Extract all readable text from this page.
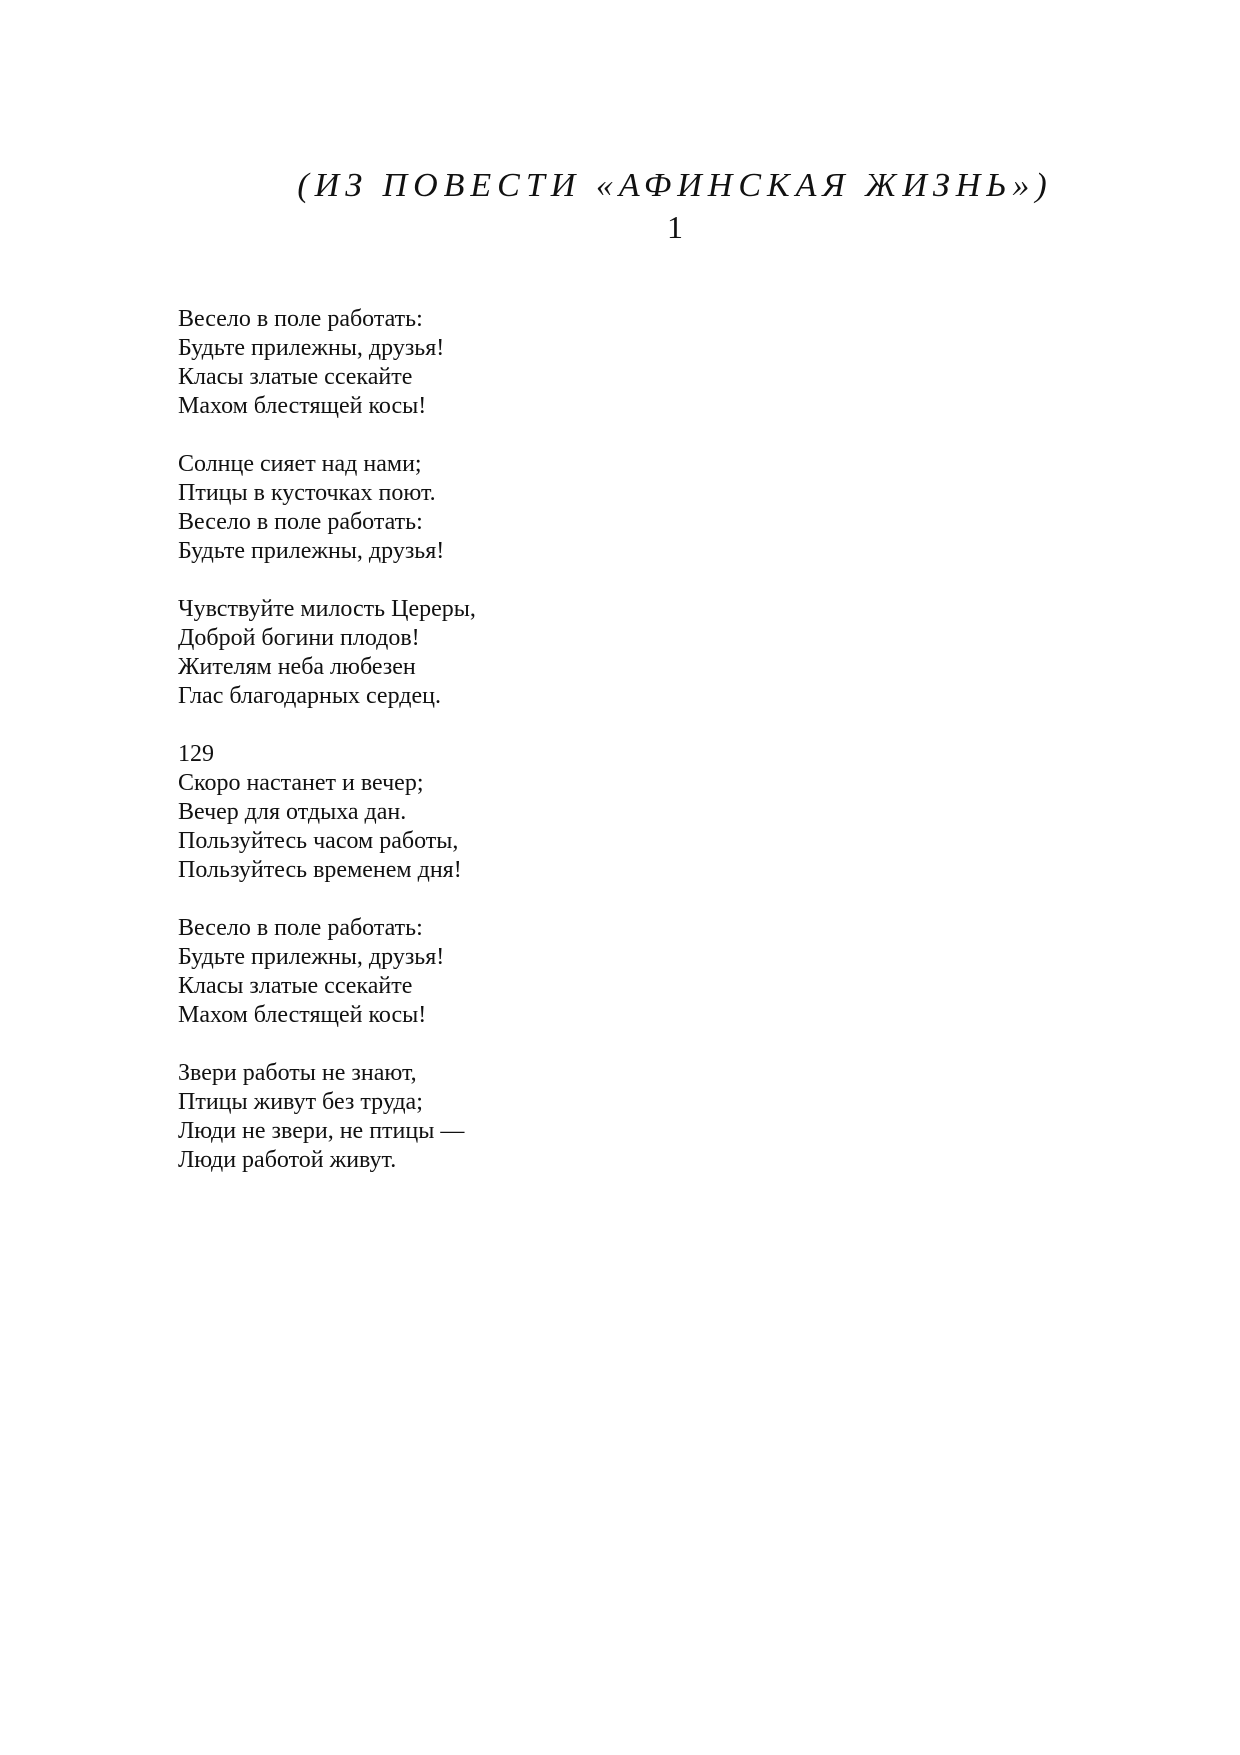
(ИЗ ПОВЕСТИ «АФИНСКАЯ ЖИЗНЬ»)
1
Весело в поле работать:
Будьте прилежны, друзья!
Класы златые ссекайте
Махом блестящей косы!
Солнце сияет над нами;
Птицы в кусточках поют.
Весело в поле работать:
Будьте прилежны, друзья!
Чувствуйте милость Цереры,
Доброй богини плодов!
Жителям неба любезен
Глас благодарных сердец.
129
Скоро настанет и вечер;
Вечер для отдыха дан.
Пользуйтесь часом работы,
Пользуйтесь временем дня!
Весело в поле работать:
Будьте прилежны, друзья!
Класы златые ссекайте
Махом блестящей косы!
Звери работы не знают,
Птицы живут без труда;
Люди не звери, не птицы —
Люди работой живут.
